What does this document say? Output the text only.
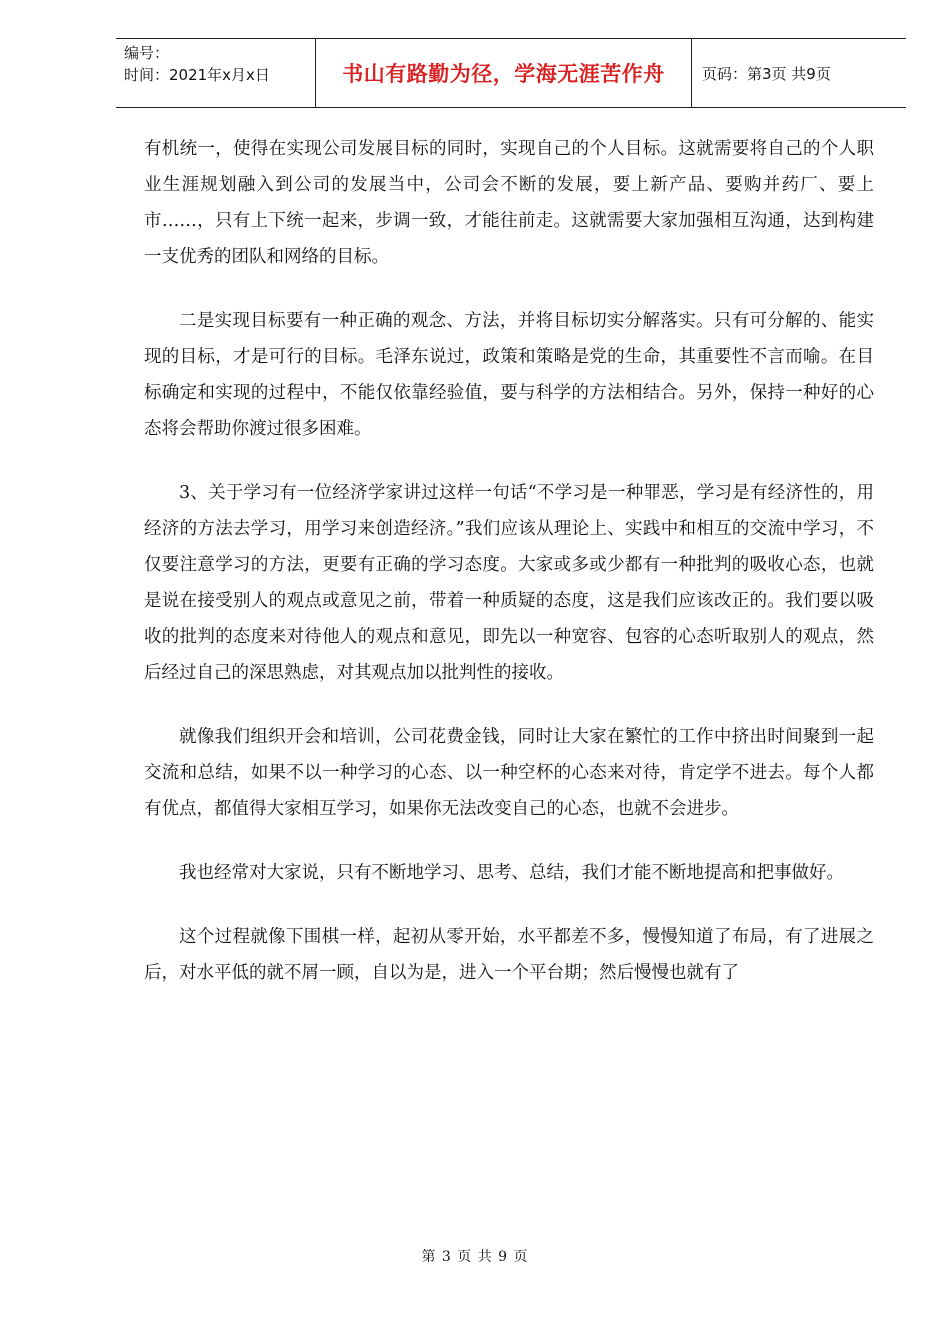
编号：
时间：2021年x月x日	书山有路勤为径，学海无涯苦作舟	页码：第3页 共9页

有机统一，使得在实现公司发展目标的同时，实现自己的个人目标。这就需要将自己的个人职业生涯规划融入到公司的发展当中，公司会不断的发展，要上新产品、要购并药厂、要上市……，只有上下统一起来，步调一致，才能往前走。这就需要大家加强相互沟通，达到构建一支优秀的团队和网络的目标。

二是实现目标要有一种正确的观念、方法，并将目标切实分解落实。只有可分解的、能实现的目标，才是可行的目标。毛泽东说过，政策和策略是党的生命，其重要性不言而喻。在目标确定和实现的过程中，不能仅依靠经验值，要与科学的方法相结合。另外，保持一种好的心态将会帮助你渡过很多困难。

3、关于学习有一位经济学家讲过这样一句话“不学习是一种罪恶，学习是有经济性的，用经济的方法去学习，用学习来创造经济。”我们应该从理论上、实践中和相互的交流中学习，不仅要注意学习的方法，更要有正确的学习态度。大家或多或少都有一种批判的吸收心态，也就是说在接受别人的观点或意见之前，带着一种质疑的态度，这是我们应该改正的。我们要以吸收的批判的态度来对待他人的观点和意见，即先以一种宽容、包容的心态听取别人的观点，然后经过自己的深思熟虑，对其观点加以批判性的接收。

就像我们组织开会和培训，公司花费金钱，同时让大家在繁忙的工作中挤出时间聚到一起交流和总结，如果不以一种学习的心态、以一种空杯的心态来对待，肯定学不进去。每个人都有优点，都值得大家相互学习，如果你无法改变自己的心态，也就不会进步。

我也经常对大家说，只有不断地学习、思考、总结，我们才能不断地提高和把事做好。

这个过程就像下围棋一样，起初从零开始，水平都差不多，慢慢知道了布局，有了进展之后，对水平低的就不屑一顾，自以为是，进入一个平台期；然后慢慢也就有了

第 3 页 共 9 页
